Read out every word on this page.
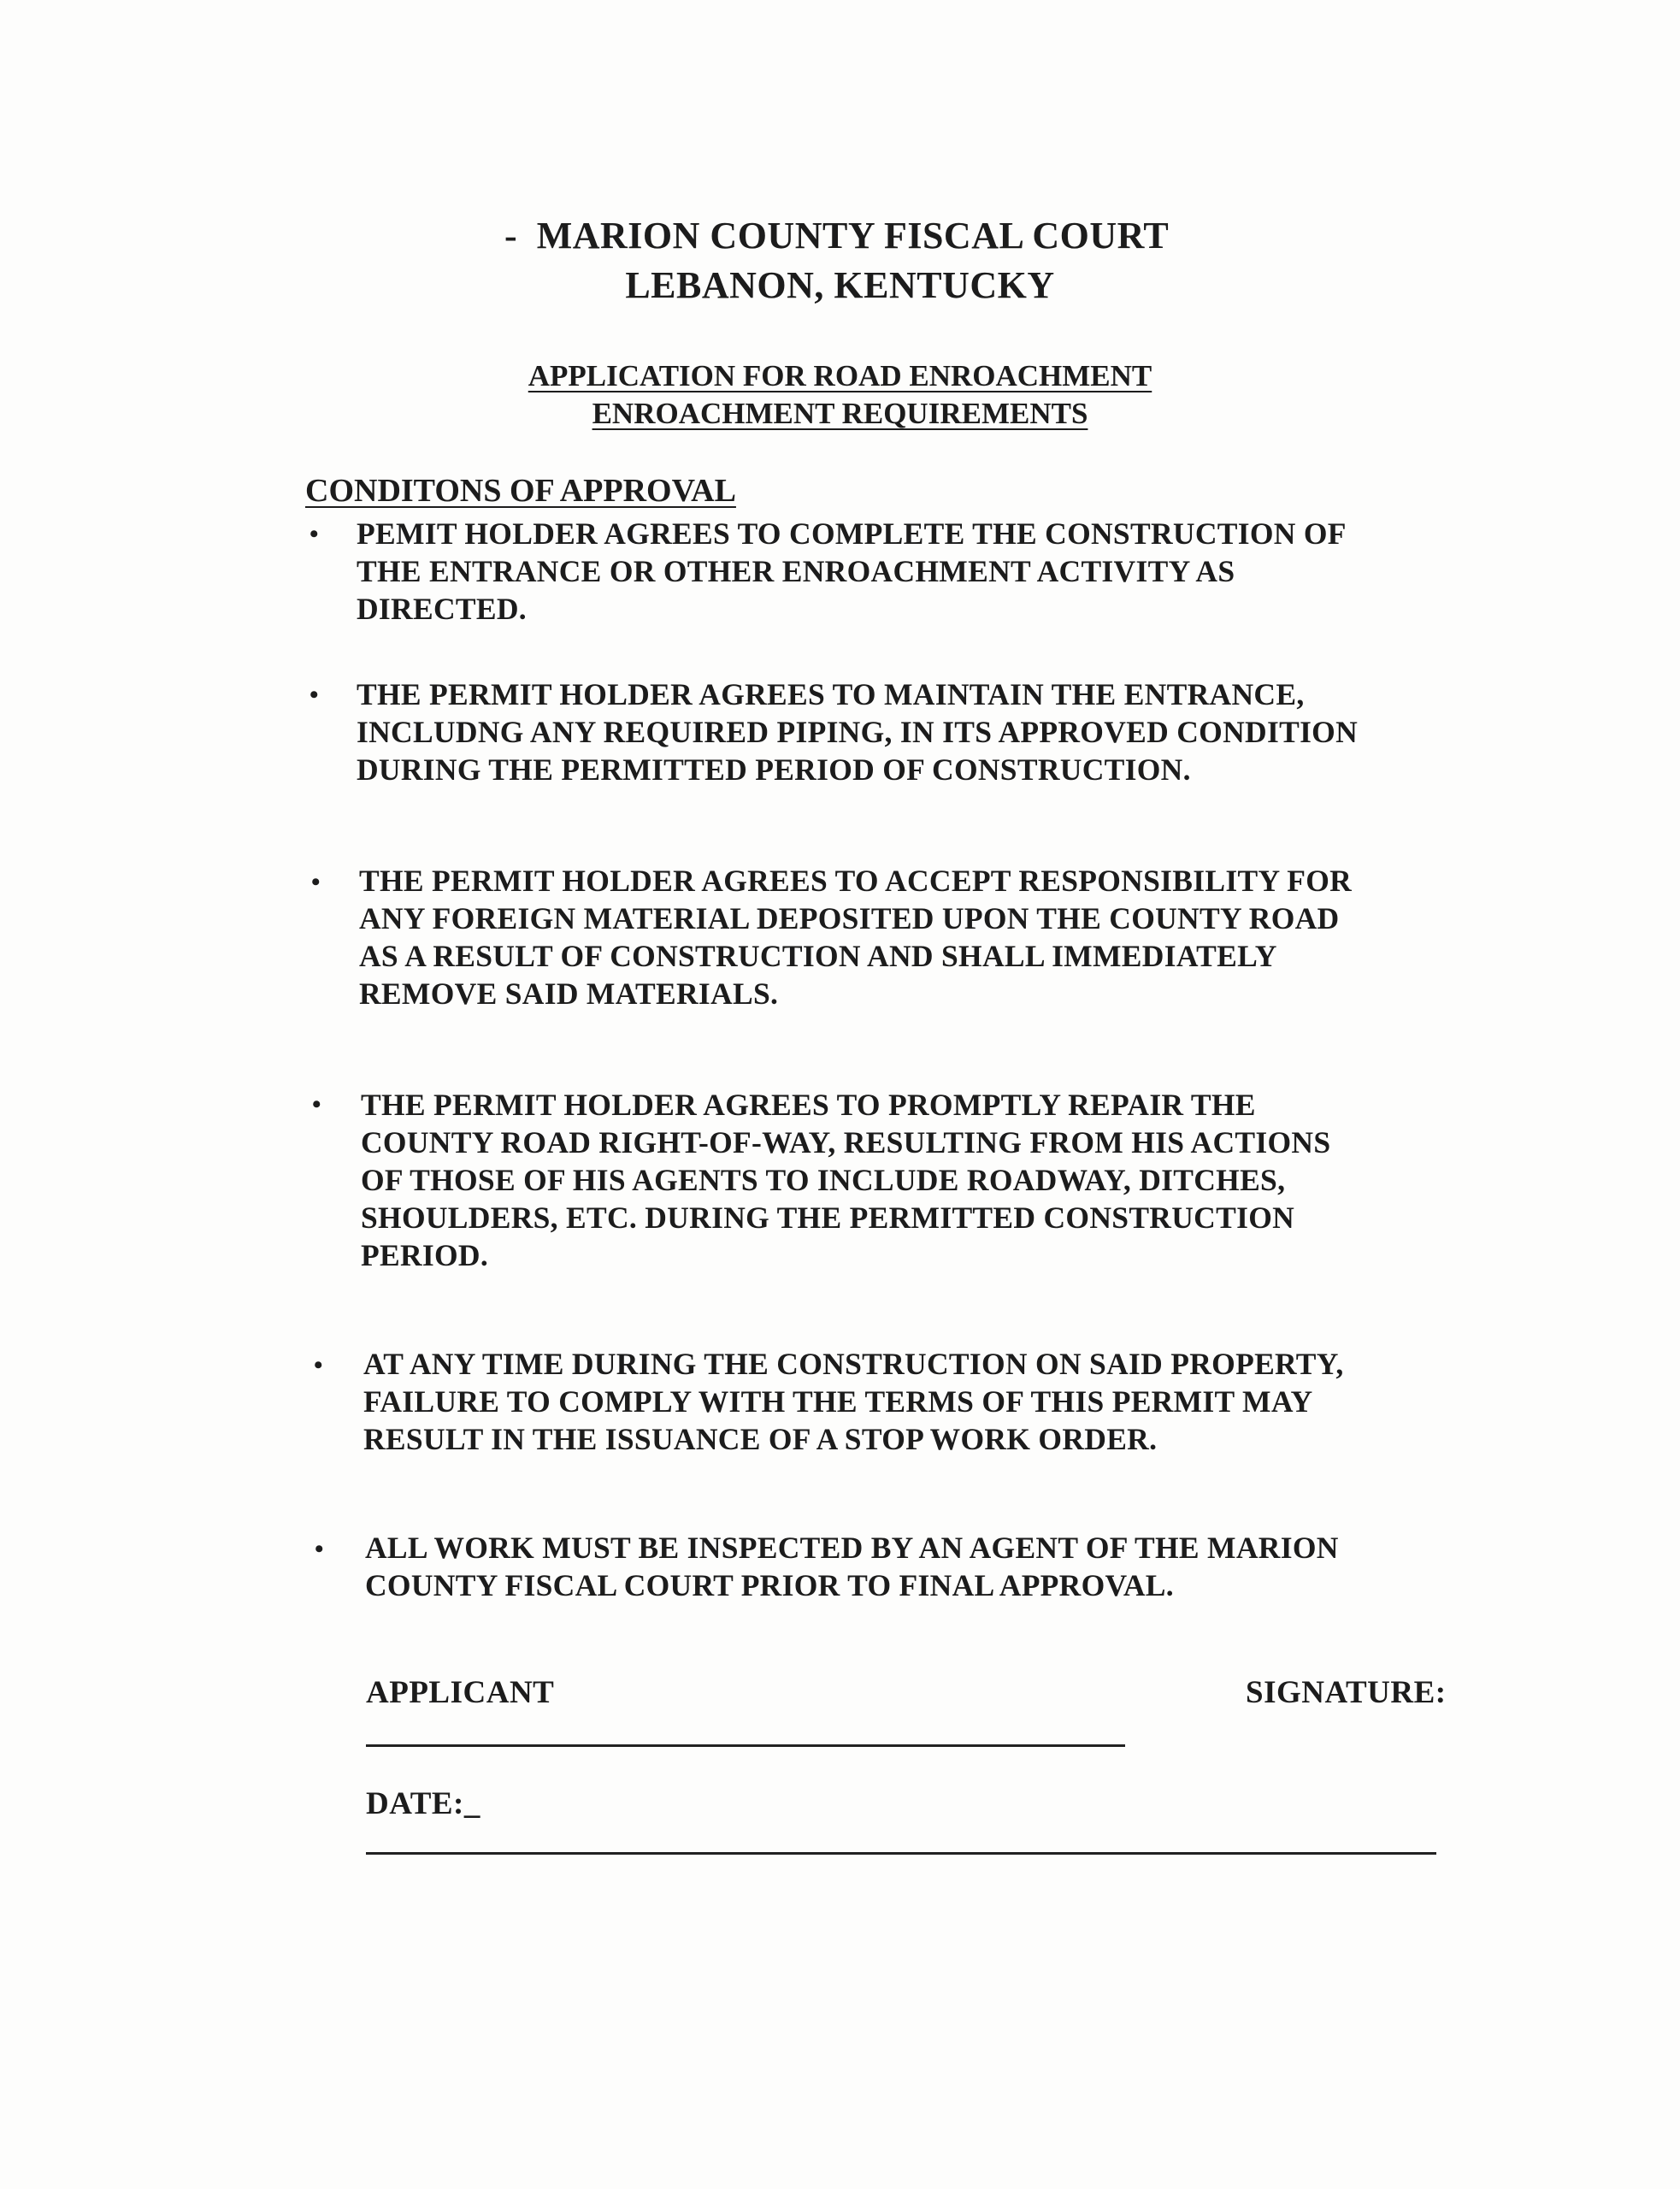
- MARION COUNTY FISCAL COURT
LEBANON, KENTUCKY
APPLICATION FOR ROAD ENROACHMENT
ENROACHMENT REQUIREMENTS
CONDITONS OF APPROVAL
• PEMIT HOLDER AGREES TO COMPLETE THE CONSTRUCTION OF
THE ENTRANCE OR OTHER ENROACHMENT ACTIVITY AS
DIRECTED.
• THE PERMIT HOLDER AGREES TO MAINTAIN THE ENTRANCE,
INCLUDNG ANY REQUIRED PIPING, IN ITS APPROVED CONDITION
DURING THE PERMITTED PERIOD OF CONSTRUCTION.
• THE PERMIT HOLDER AGREES TO ACCEPT RESPONSIBILITY FOR
ANY FOREIGN MATERIAL DEPOSITED UPON THE COUNTY ROAD
AS A RESULT OF CONSTRUCTION AND SHALL IMMEDIATELY
REMOVE SAID MATERIALS.
• THE PERMIT HOLDER AGREES TO PROMPTLY REPAIR THE
COUNTY ROAD RIGHT-OF-WAY, RESULTING FROM HIS ACTIONS
OF THOSE OF HIS AGENTS TO INCLUDE ROADWAY, DITCHES,
SHOULDERS, ETC. DURING THE PERMITTED CONSTRUCTION
PERIOD.
• AT ANY TIME DURING THE CONSTRUCTION ON SAID PROPERTY,
FAILURE TO COMPLY WITH THE TERMS OF THIS PERMIT MAY
RESULT IN THE ISSUANCE OF A STOP WORK ORDER.
• ALL WORK MUST BE INSPECTED BY AN AGENT OF THE MARION
COUNTY FISCAL COURT PRIOR TO FINAL APPROVAL.
APPLICANT	SIGNATURE:
DATE:_
